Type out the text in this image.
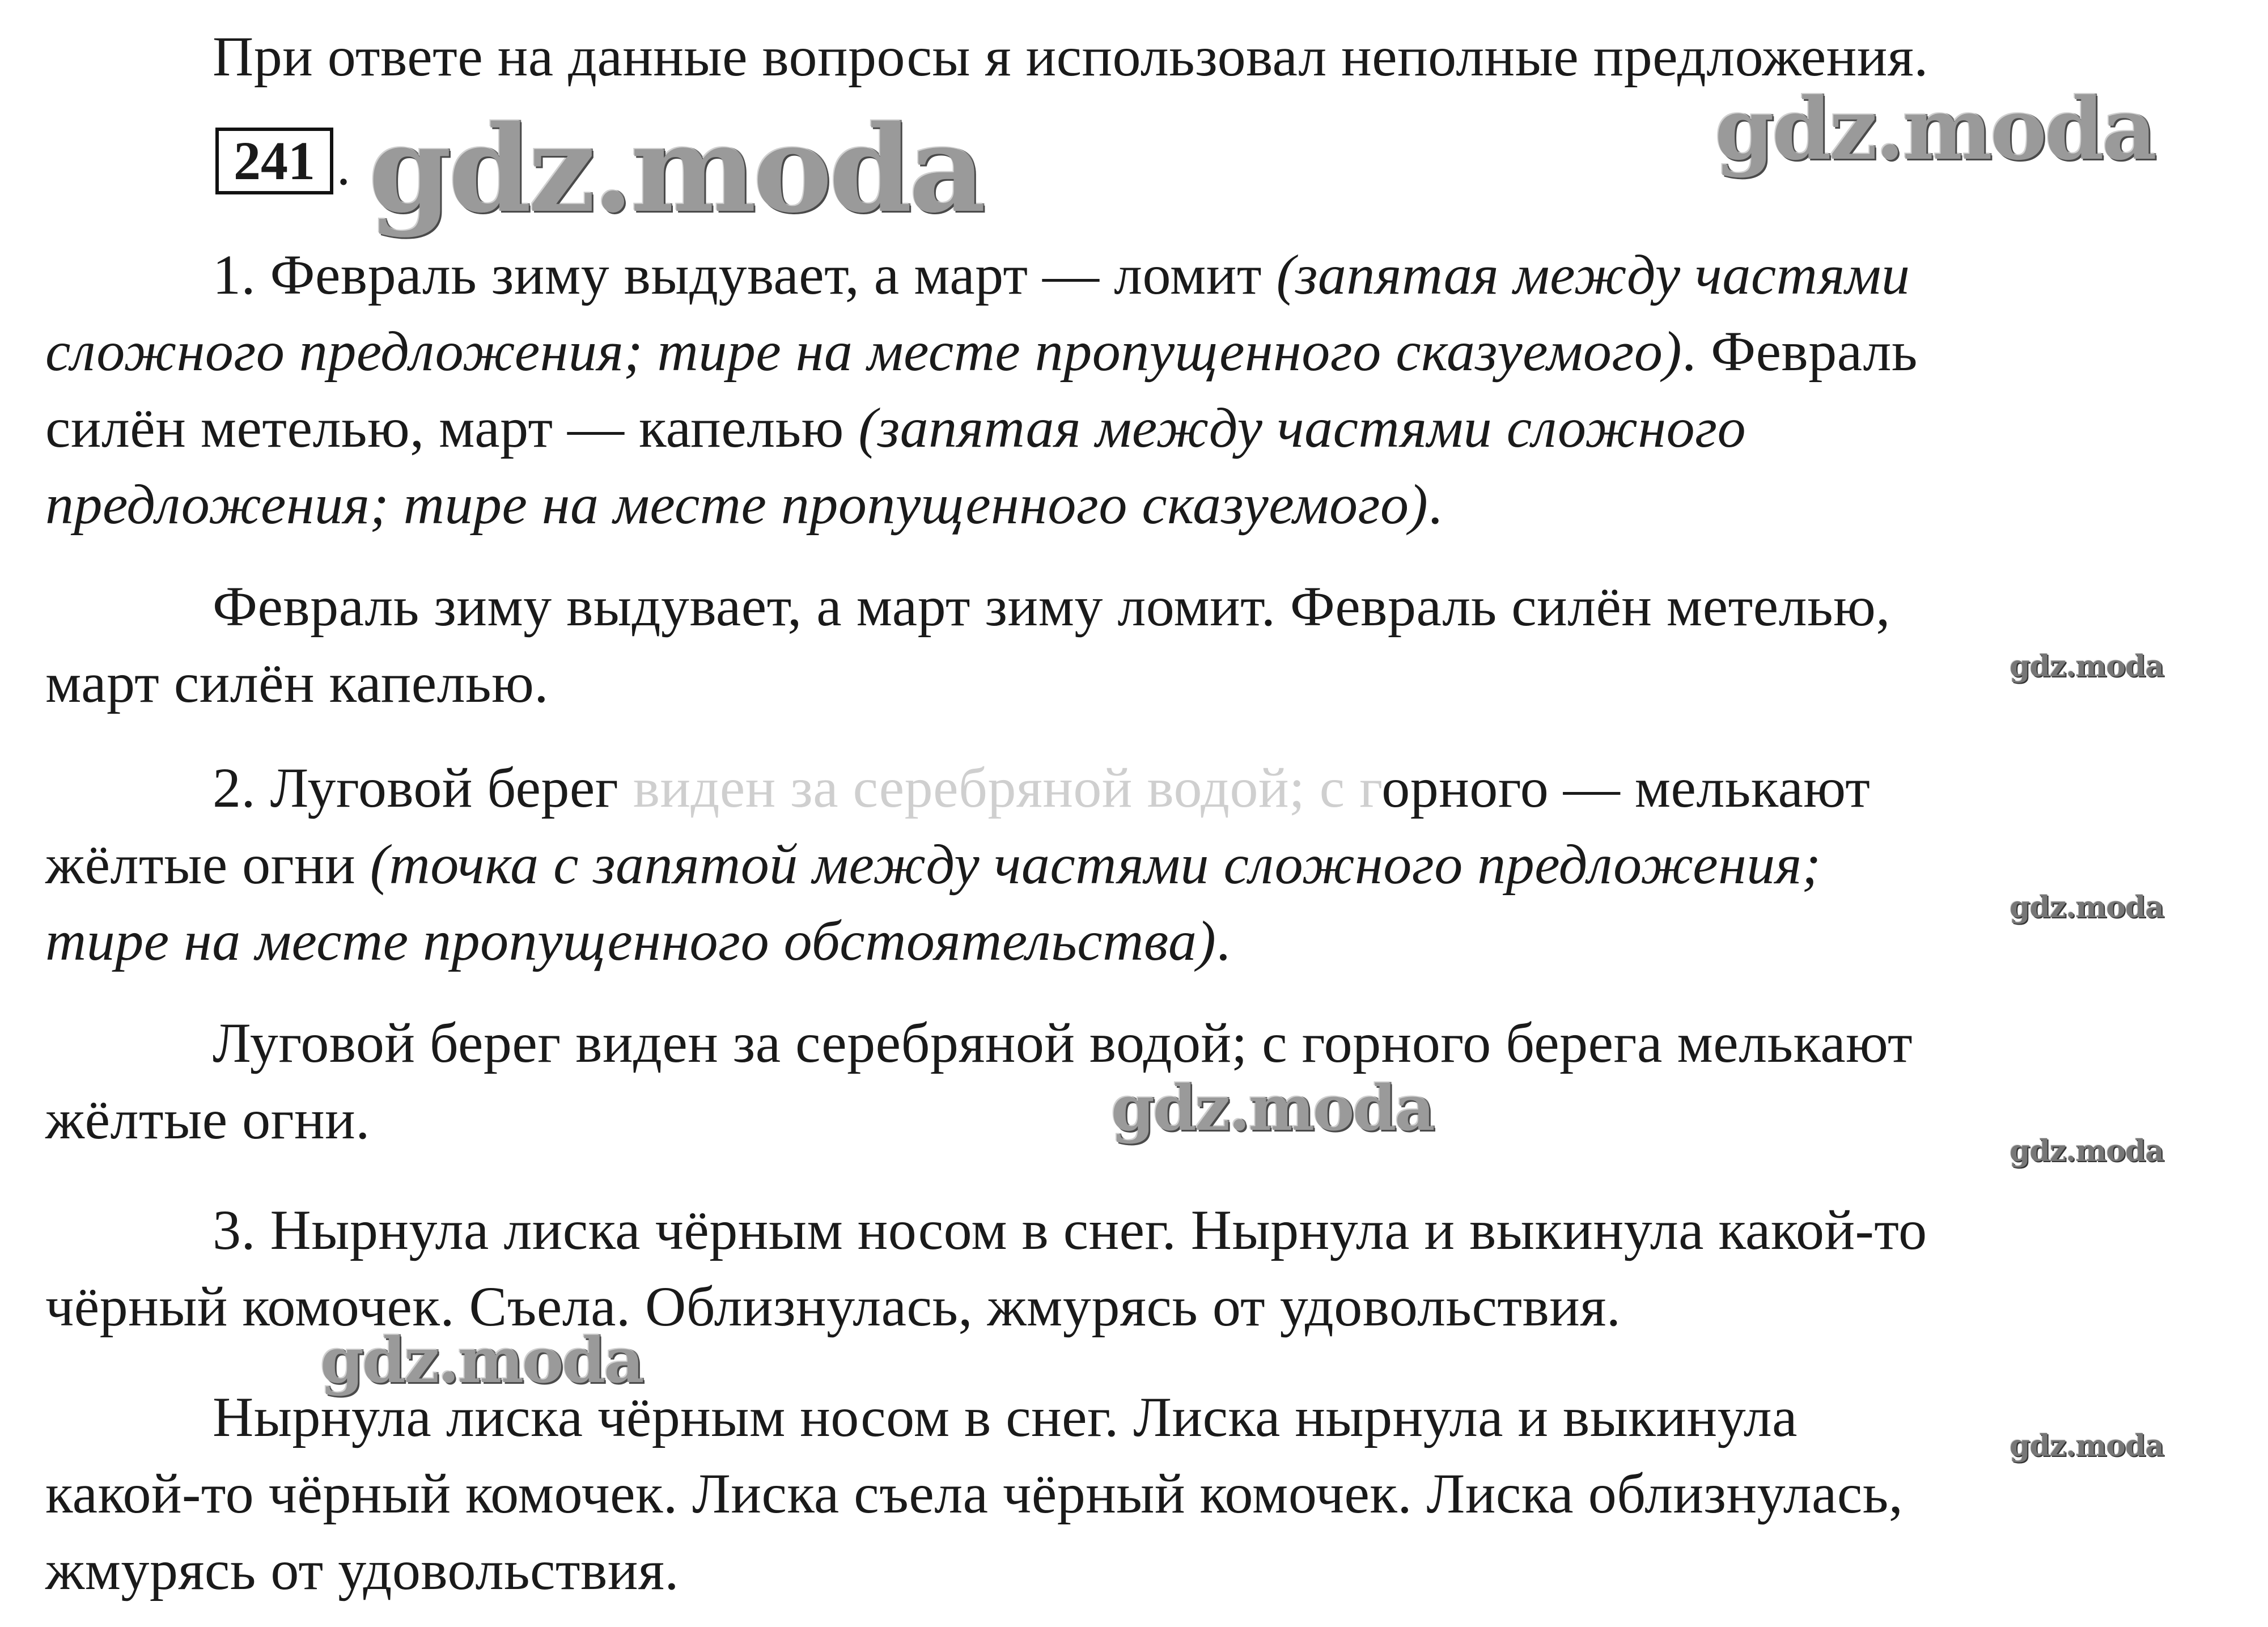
При ответе на данные вопросы я использовал неполные предложения.
241 .
1. Февраль зиму выдувает, а март — ломит (запятая между частями
сложного предложения; тире на месте пропущенного сказуемого). Февраль
силён метелью, март — капелью (запятая между частями сложного
предложения; тире на месте пропущенного сказуемого).
Февраль зиму выдувает, а март зиму ломит. Февраль силён метелью,
март силён капелью.
2. Луговой берег виден за серебряной водой; с горного — мелькают
жёлтые огни (точка с запятой между частями сложного предложения;
тире на месте пропущенного обстоятельства).
Луговой берег виден за серебряной водой; с горного берега мелькают
жёлтые огни.
3. Нырнула лиска чёрным носом в снег. Нырнула и выкинула какой-то
чёрный комочек. Съела. Облизнулась, жмурясь от удовольствия.
Нырнула лиска чёрным носом в снег. Лиска нырнула и выкинула
какой-то чёрный комочек. Лиска съела чёрный комочек. Лиска облизнулась,
жмурясь от удовольствия.
gdz.moda	gdz.moda
gdz.moda
gdz.moda
gdz.moda
gdz.moda
gdz.moda
gdz.moda
